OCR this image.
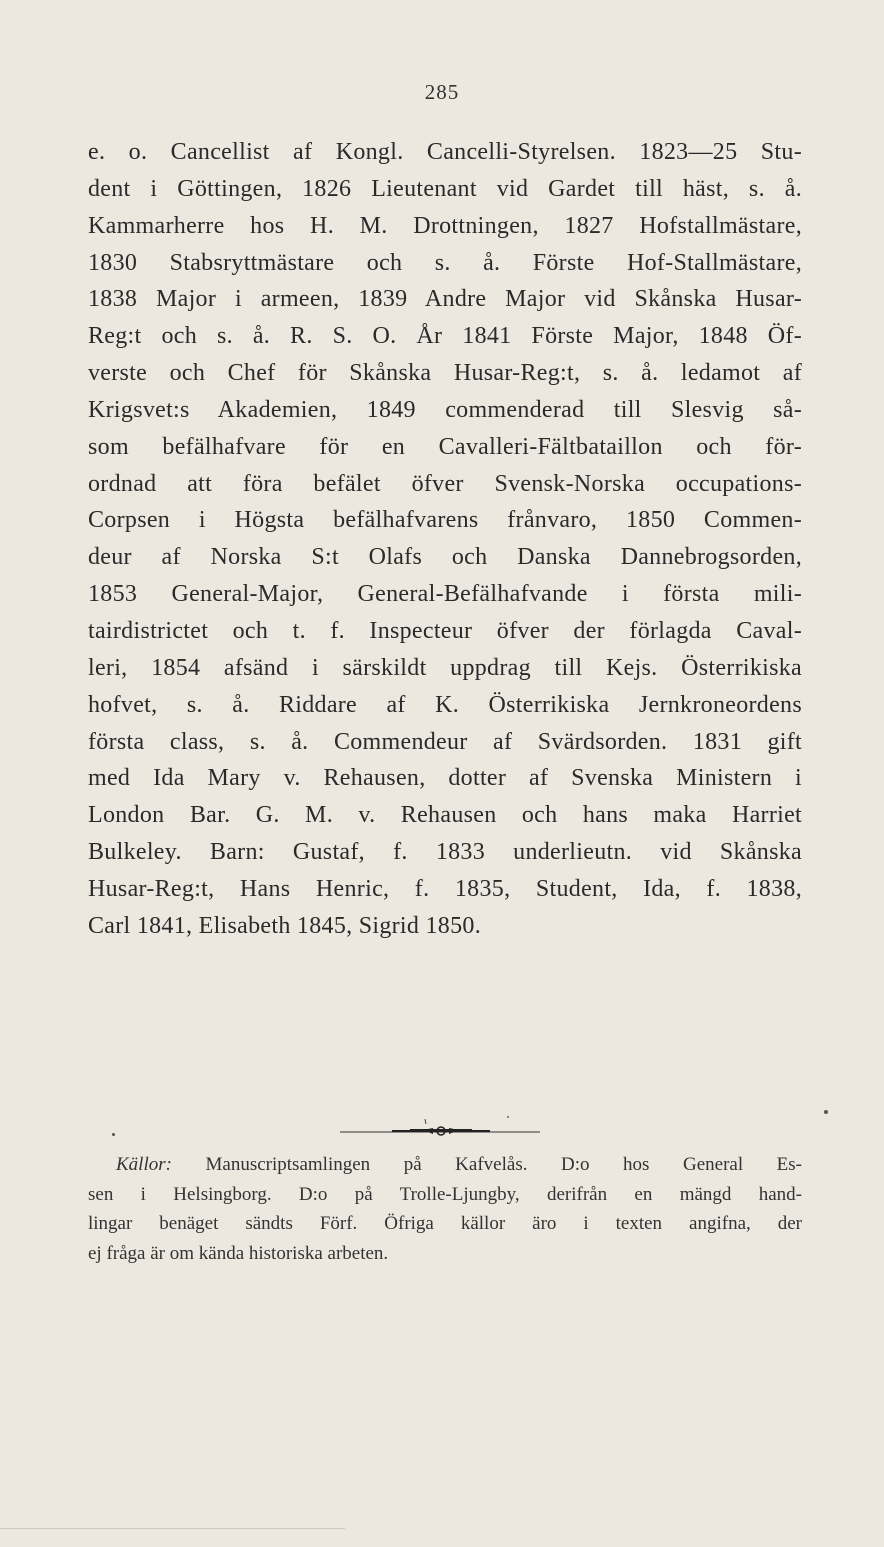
285
e. o. Cancellist af Kongl. Cancelli-Styrelsen. 1823—25 Stu-
dent i Göttingen, 1826 Lieutenant vid Gardet till häst, s. å.
Kammarherre hos H. M. Drottningen, 1827 Hofstallmästare,
1830 Stabsryttmästare och s. å. Förste Hof-Stallmästare,
1838 Major i armeen, 1839 Andre Major vid Skånska Husar-
Reg:t och s. å. R. S. O. År 1841 Förste Major, 1848 Öf-
verste och Chef för Skånska Husar-Reg:t, s. å. ledamot af
Krigsvet:s Akademien, 1849 commenderad till Slesvig så-
som befälhafvare för en Cavalleri-Fältbataillon och för-
ordnad att föra befälet öfver Svensk-Norska occupations-
Corpsen i Högsta befälhafvarens frånvaro, 1850 Commen-
deur af Norska S:t Olafs och Danska Dannebrogsorden,
1853 General-Major, General-Befälhafvande i första mili-
tairdistrictet och t. f. Inspecteur öfver der förlagda Caval-
leri, 1854 afsänd i särskildt uppdrag till Kejs. Österrikiska
hofvet, s. å. Riddare af K. Österrikiska Jernkroneordens
första class, s. å. Commendeur af Svärdsorden. 1831 gift
med Ida Mary v. Rehausen, dotter af Svenska Ministern i
London Bar. G. M. v. Rehausen och hans maka Harriet
Bulkeley. Barn: Gustaf, f. 1833 underlieutn. vid Skånska
Husar-Reg:t, Hans Henric, f. 1835, Student, Ida, f. 1838,
Carl 1841, Elisabeth 1845, Sigrid 1850.
Källor: Manuscriptsamlingen på Kafvelås. D:o hos General Es-
sen i Helsingborg. D:o på Trolle-Ljungby, derifrån en mängd hand-
lingar benäget sändts Förf. Öfriga källor äro i texten angifna, der
ej fråga är om kända historiska arbeten.
